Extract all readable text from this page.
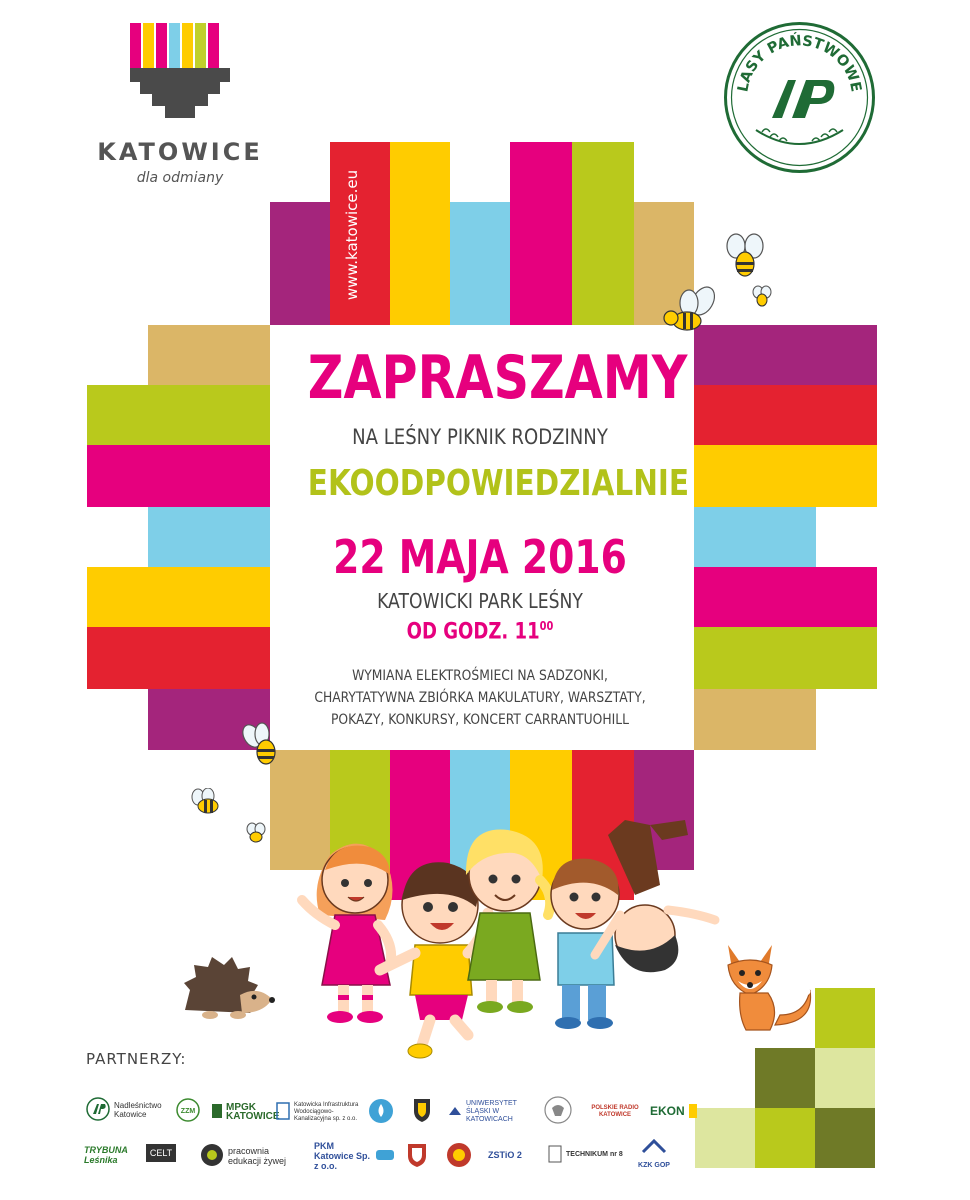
KATOWICE
dla odmiany
LASY PAŃSTWOWE
www.katowice.eu
ZAPRASZAMY
NA LEŚNY PIKNIK RODZINNY
EKOODPOWIEDZIALNIE
22 MAJA 2016
KATOWICKI PARK LEŚNY
OD GODZ. $11^{00}$
WYMIANA ELEKTROŚMIECI NA SADZONKI,
CHARYTATYWNA ZBIÓRKA MAKULATURY, WARSZTATY,
POKAZY, KONKURSY, KONCERT CARRANTUOHILL
PARTNERZY:
Nadleśnictwo Katowice	ZZM	MPGK KATOWICE
Katowicka Infrastruktura Wodociągowo-Kanalizacyjna sp. z o.o.
UNIWERSYTET ŚLĄSKI W KATOWICACH
POLSKIE RADIO KATOWICE	EKON
TRYBUNA Leśnika
CELT	pracownia edukacji żywej
PKM Katowice Sp. z o.o.
ZSTiO 2	TECHNIKUM nr 8
KZK GOP
